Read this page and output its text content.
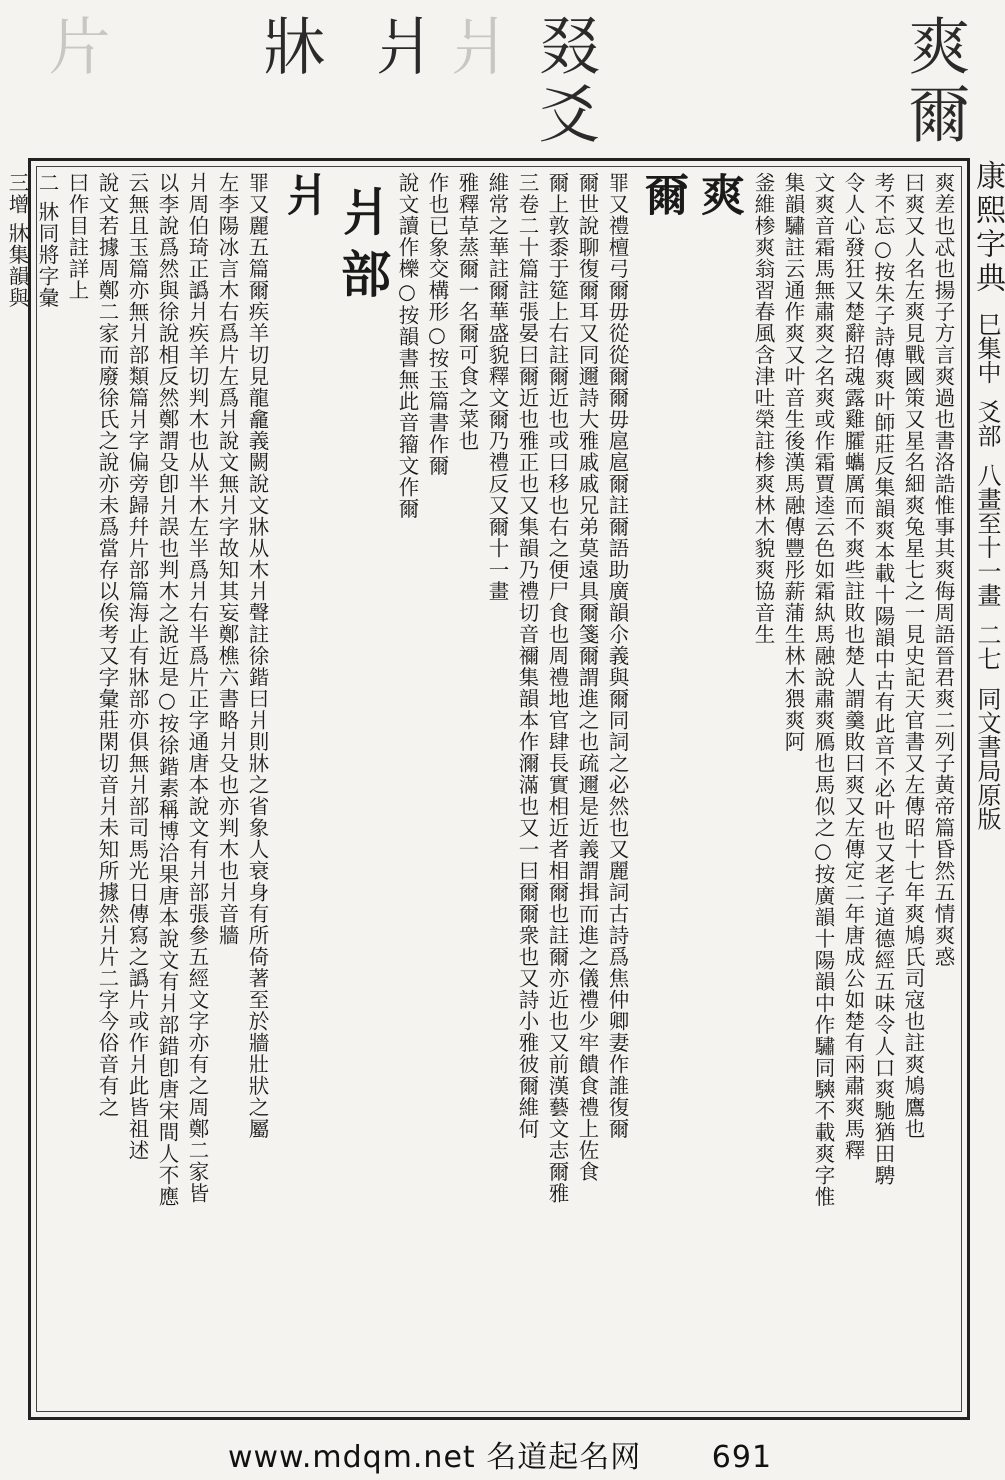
爽爾
叕爻
爿
爿
牀
片
康熙字典 巳集中 爻部 八畫至十一畫 二七 同文書局原版
爽差也忒也揚子方言爽過也書洛誥惟事其爽侮周語晉君爽二列子黃帝篇昏然五情爽惑
曰爽又人名左爽見戰國策又星名細爽兔星七之一見史記天官書又左傳昭十七年爽鳩氏司寇也註爽鳩鷹也
考不忘○按朱子詩傳爽叶師莊反集韻爽本載十陽韻中古有此音不必叶也又老子道德經五味令人口爽馳猶田騁
令人心發狂又楚辭招魂露雞臛蠵厲而不爽些註敗也楚人謂羹敗曰爽又左傳定二年唐成公如楚有兩肅爽馬釋
文爽音霜馬無肅爽之名爽或作霜賈逵云色如霜紈馬融說肅爽鴈也馬似之○按廣韻十陽韻中作驌同騻不載爽字惟
集韻驌註云通作爽又叶音生後漢馬融傳豐彤薪蒲生林木猥爽阿
釜維椮爽翁習春風含津吐榮註椮爽林木貌爽協音生
爽
爾
罪又禮檀弓爾毋從從爾爾毋扈扈爾註爾語助廣韻尒義與爾同詞之必然也又麗詞古詩爲焦仲卿妻作誰復爾
爾世說聊復爾耳又同邇詩大雅戚戚兄弟莫遠具爾箋爾謂進之也疏邇是近義謂揖而進之儀禮少牢饋食禮上佐食
爾上敦黍于筵上右註爾近也或曰移也右之便尸食也周禮地官肆長實相近者相爾也註爾亦近也又前漢藝文志爾雅
三卷二十篇註張晏曰爾近也雅正也又集韻乃禮切音禰集韻本作濔滿也又一曰爾爾衆也又詩小雅彼爾維何
維常之華註爾華盛貌釋文爾乃禮反又爾十一畫
雅釋草蒸爾一名爾可食之菜也
作也已象交構形○按玉篇書作爾
說文讀作櫟○按韻書無此音籀文作爾
爿部
爿
罪又麗五篇爾疾羊切見龍龕義闕說文牀从木爿聲註徐鍇曰爿則牀之省象人衰身有所倚著至於牆壯狀之屬
左李陽冰言木右爲片左爲爿說文無爿字故知其妄鄭樵六書略爿殳也亦判木也爿音牆
爿周伯琦正譌爿疾羊切判木也从半木左半爲爿右半爲片正字通唐本說文有爿部張參五經文字亦有之周鄭二家皆
以李說爲然與徐說相反然鄭謂殳卽爿誤也判木之說近是○按徐鍇素稱博洽果唐本說文有爿部錯卽唐宋間人不應
云無且玉篇亦無爿部類篇爿字偏旁歸幷片部篇海止有牀部亦俱無爿部司馬光日傳寫之譌片或作爿此皆祖述
說文若據周鄭二家而廢徐氏之說亦未爲當存以俟考又字彙莊閑切音爿未知所據然爿片二字今俗音有之
曰作目註詳上
二 牀同將字彙
三增 牀集韻與
www.mdqm.net 名道起名网 691
